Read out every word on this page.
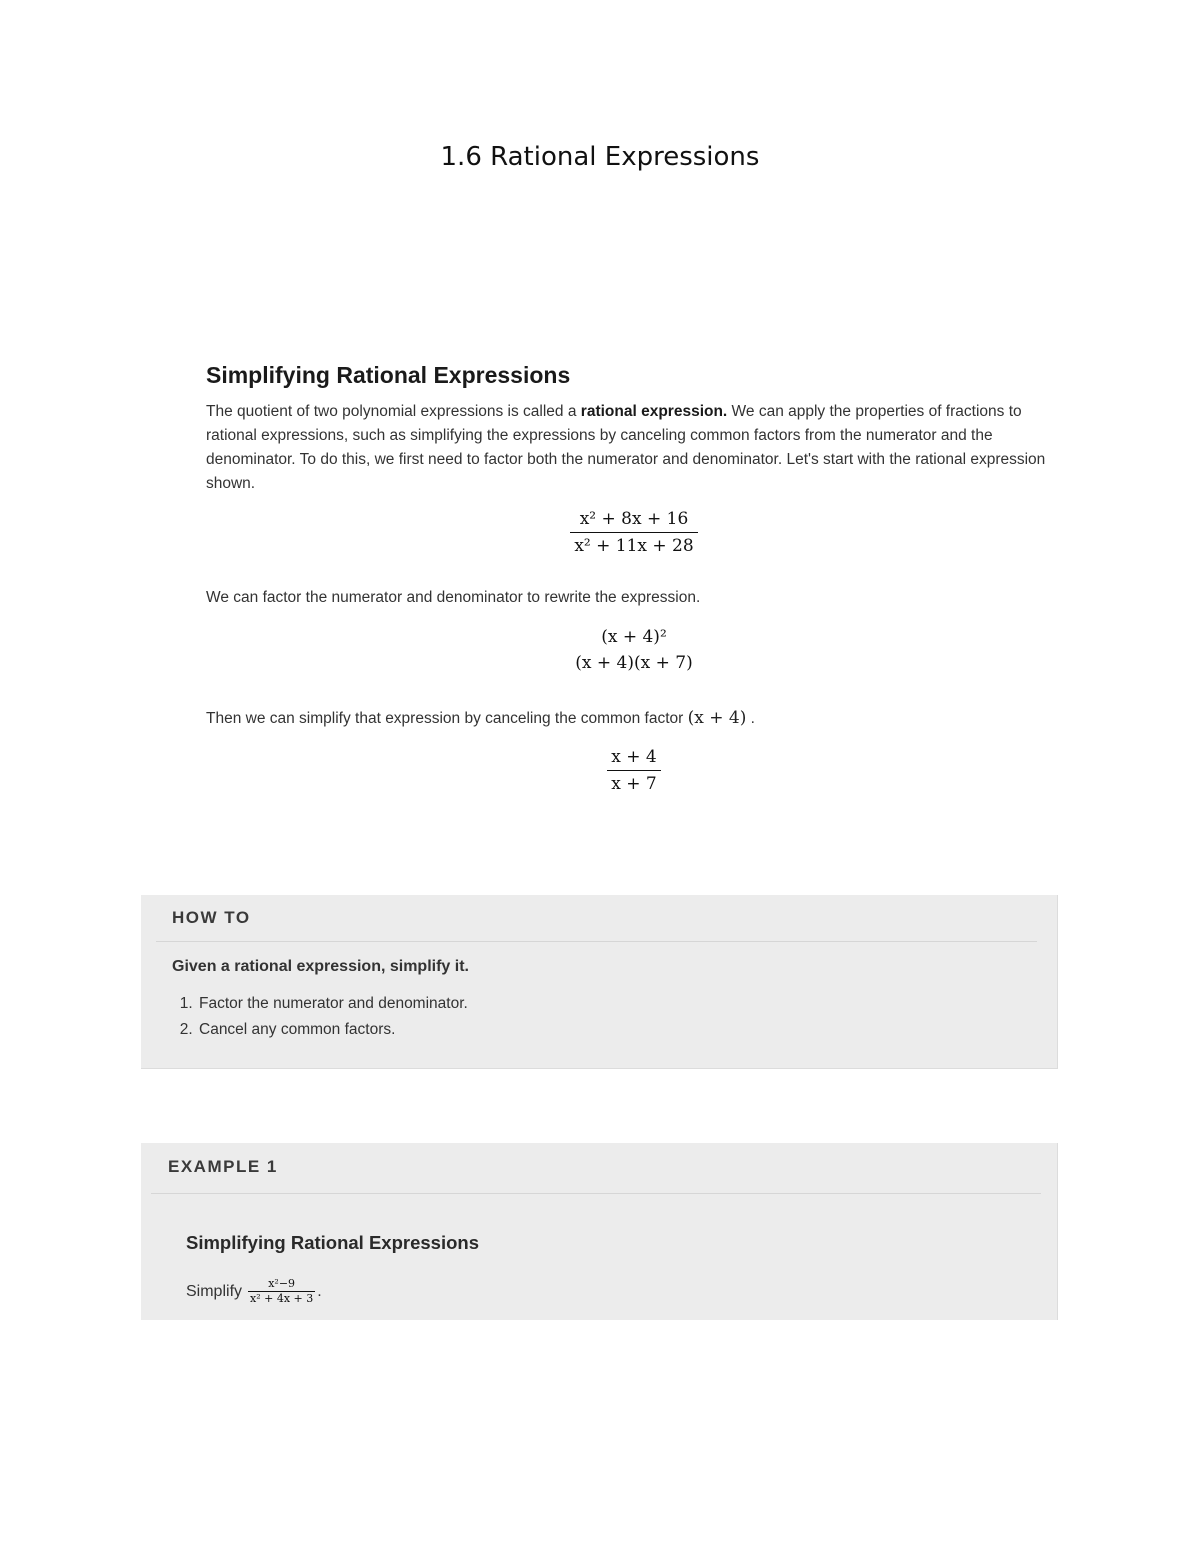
1.6 Rational Expressions
Simplifying Rational Expressions

The quotient of two polynomial expressions is called a rational expression. We can apply the properties of fractions to rational expressions, such as simplifying the expressions by canceling common factors from the numerator and the denominator. To do this, we first need to factor both the numerator and denominator. Let's start with the rational expression shown.

$\frac{\text{x² + 8x + 16}}{\text{x² + 11x + 28}}$

We can factor the numerator and denominator to rewrite the expression.

(x + 4)²
(x + 4)(x + 7)

Then we can simplify that expression by canceling the common factor (x + 4) .

$\frac{x + 4}{x + 7}$
HOW TO
Given a rational expression, simplify it.
1. Factor the numerator and denominator.
2. Cancel any common factors.
EXAMPLE 1
Simplifying Rational Expressions
Simplify $\frac{\text{x²−9}}{\text{x² + 4x + 3}}$ .
